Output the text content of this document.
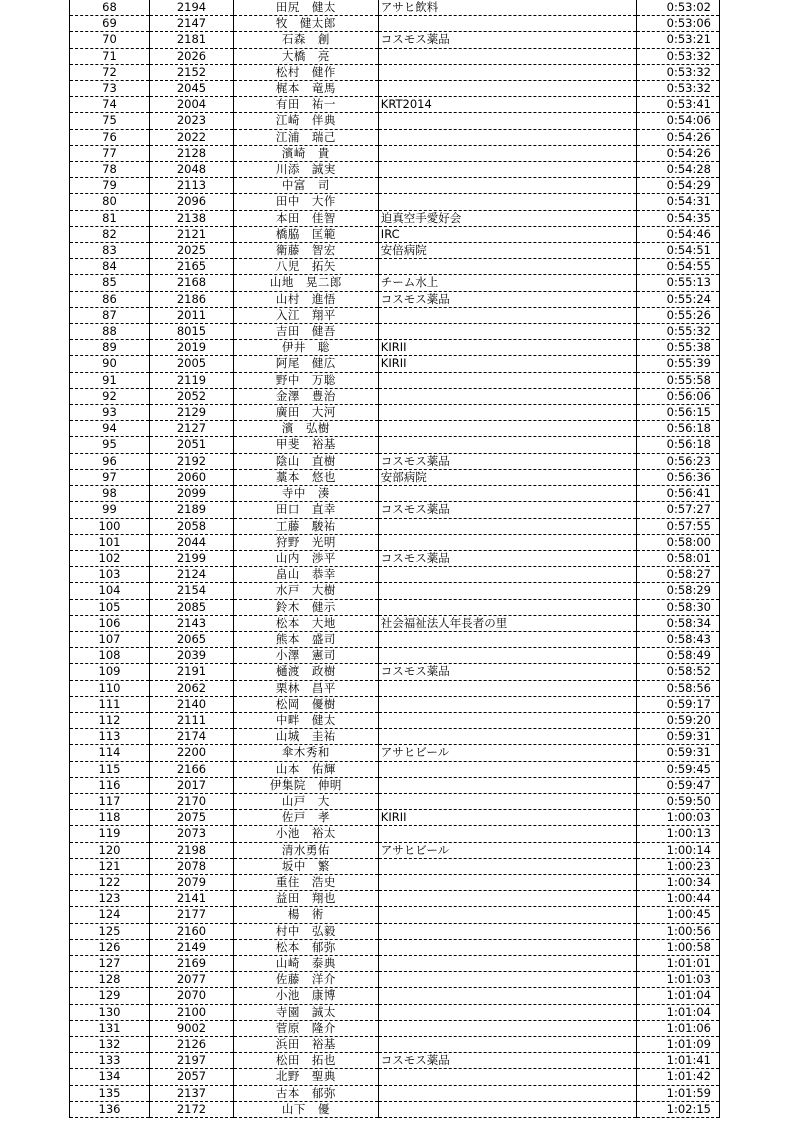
68	2194	田尻　健太	アサヒ飲料	0:53:02
69	2147	牧　健太郎		0:53:06
70	2181	石森　創	コスモス薬品	0:53:21
71	2026	大橋　亮		0:53:32
72	2152	松村　健作		0:53:32
73	2045	梶本　竜馬		0:53:32
74	2004	有田　祐一	KRT2014	0:53:41
75	2023	江崎　伴典		0:54:06
76	2022	江浦　瑞己		0:54:26
77	2128	濱崎　貴		0:54:26
78	2048	川添　誠実		0:54:28
79	2113	中富　司		0:54:29
80	2096	田中　大作		0:54:31
81	2138	本田　佳智	迫真空手愛好会	0:54:35
82	2121	橋脇　匡範	IRC	0:54:46
83	2025	衛藤　智宏	安倍病院	0:54:51
84	2165	八児　拓矢		0:54:55
85	2168	山地　晃二郎	チーム水上	0:55:13
86	2186	山村　進悟	コスモス薬品	0:55:24
87	2011	入江　翔平		0:55:26
88	8015	吉田　健吾		0:55:32
89	2019	伊井　聡	KIRII	0:55:38
90	2005	阿尾　健広	KIRII	0:55:39
91	2119	野中　万聡		0:55:58
92	2052	金澤　豊治		0:56:06
93	2129	廣田　大河		0:56:15
94	2127	濱　弘樹		0:56:18
95	2051	甲斐　裕基		0:56:18
96	2192	陰山　直樹	コスモス薬品	0:56:23
97	2060	藁本　悠也	安部病院	0:56:36
98	2099	寺中　湊		0:56:41
99	2189	田口　直幸	コスモス薬品	0:57:27
100	2058	工藤　駿祐		0:57:55
101	2044	狩野　光明		0:58:00
102	2199	山内　渉平	コスモス薬品	0:58:01
103	2124	畠山　恭幸		0:58:27
104	2154	水戸　大樹		0:58:29
105	2085	鈴木　健示		0:58:30
106	2143	松本　大地	社会福祉法人年長者の里	0:58:34
107	2065	熊本　盛司		0:58:43
108	2039	小澤　憲司		0:58:49
109	2191	樋渡　政樹	コスモス薬品	0:58:52
110	2062	栗林　昌平		0:58:56
111	2140	松岡　優樹		0:59:17
112	2111	中畔　健太		0:59:20
113	2174	山城　圭祐		0:59:31
114	2200	傘木秀和	アサヒビール	0:59:31
115	2166	山本　佑輝		0:59:45
116	2017	伊集院　伸明		0:59:47
117	2170	山戸　大		0:59:50
118	2075	佐戸　孝	KIRII	1:00:03
119	2073	小池　裕太		1:00:13
120	2198	清水勇佑	アサヒビール	1:00:14
121	2078	坂中　繁		1:00:23
122	2079	重住　浩史		1:00:34
123	2141	益田　翔也		1:00:44
124	2177	楊　術		1:00:45
125	2160	村中　弘毅		1:00:56
126	2149	松本　郁弥		1:00:58
127	2169	山崎　泰典		1:01:01
128	2077	佐藤　洋介		1:01:03
129	2070	小池　康博		1:01:04
130	2100	寺園　誠太		1:01:04
131	9002	菅原　隆介		1:01:06
132	2126	浜田　裕基		1:01:09
133	2197	松田　拓也	コスモス薬品	1:01:41
134	2057	北野　聖典		1:01:42
135	2137	古本　郁弥		1:01:59
136	2172	山下　優		1:02:15
